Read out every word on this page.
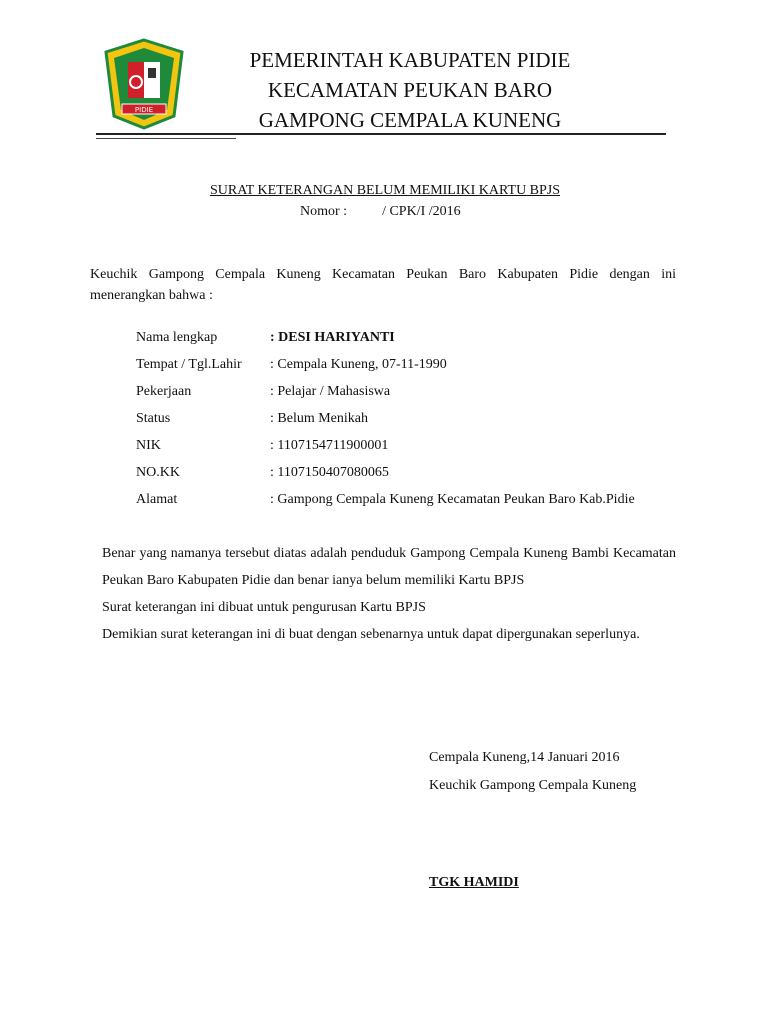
PIDIE
PEMERINTAH KABUPATEN PIDIE
KECAMATAN PEUKAN BARO
GAMPONG CEMPALA KUNENG
SURAT KETERANGAN BELUM MEMILIKI KARTU BPJS
Nomor :	/ CPK/I /2016
Keuchik Gampong Cempala Kuneng Kecamatan Peukan Baro Kabupaten Pidie dengan ini menerangkan bahwa :
Nama lengkap	: DESI HARIYANTI
Tempat / Tgl.Lahir : Cempala Kuneng, 07-11-1990
Pekerjaan	: Pelajar / Mahasiswa
Status	: Belum Menikah
NIK	: 1107154711900001
NO.KK	: 1107150407080065
Alamat	: Gampong Cempala Kuneng Kecamatan Peukan Baro Kab.Pidie
Benar yang namanya tersebut diatas adalah penduduk Gampong Cempala Kuneng Bambi Kecamatan Peukan Baro Kabupaten Pidie dan benar ianya belum memiliki Kartu BPJS
Surat keterangan ini dibuat untuk pengurusan Kartu BPJS
Demikian surat keterangan ini di buat dengan sebenarnya untuk dapat dipergunakan seperlunya.
Cempala Kuneng,14 Januari 2016
Keuchik Gampong Cempala Kuneng
TGK HAMIDI
